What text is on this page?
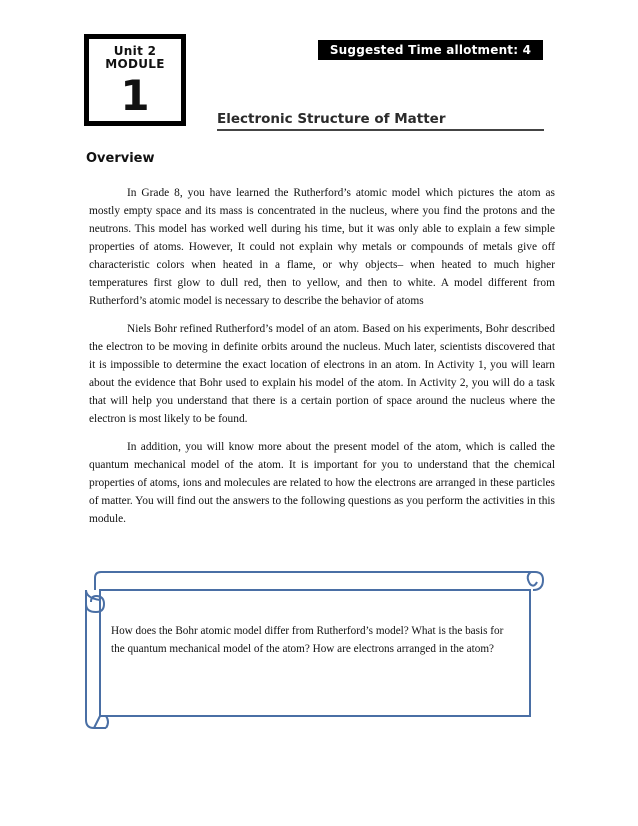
Unit 2
MODULE
1
Suggested Time allotment: 4 hours
Electronic Structure of Matter
Overview

In Grade 8, you have learned the Rutherford’s atomic model which pictures the atom as mostly empty space and its mass is concentrated in the nucleus, where you find the protons and the neutrons. This model has worked well during his time, but it was only able to explain a few simple properties of atoms. However, It could not explain why metals or compounds of metals give off characteristic colors when heated in a flame, or why objects– when heated to much higher temperatures first glow to dull red, then to yellow, and then to white. A model different from Rutherford’s atomic model is necessary to describe the behavior of atoms

Niels Bohr refined Rutherford’s model of an atom. Based on his experiments, Bohr described the electron to be moving in definite orbits around the nucleus. Much later, scientists discovered that it is impossible to determine the exact location of electrons in an atom. In Activity 1, you will learn about the evidence that Bohr used to explain his model of the atom. In Activity 2, you will do a task that will help you understand that there is a certain portion of space around the nucleus where the electron is most likely to be found.

In addition, you will know more about the present model of the atom, which is called the quantum mechanical model of the atom. It is important for you to understand that the chemical properties of atoms, ions and molecules are related to how the electrons are arranged in these particles of matter. You will find out the answers to the following questions as you perform the activities in this module.

How does the Bohr atomic model differ from Rutherford’s model? What is the basis for the quantum mechanical model of the atom? How are electrons arranged in the atom?
